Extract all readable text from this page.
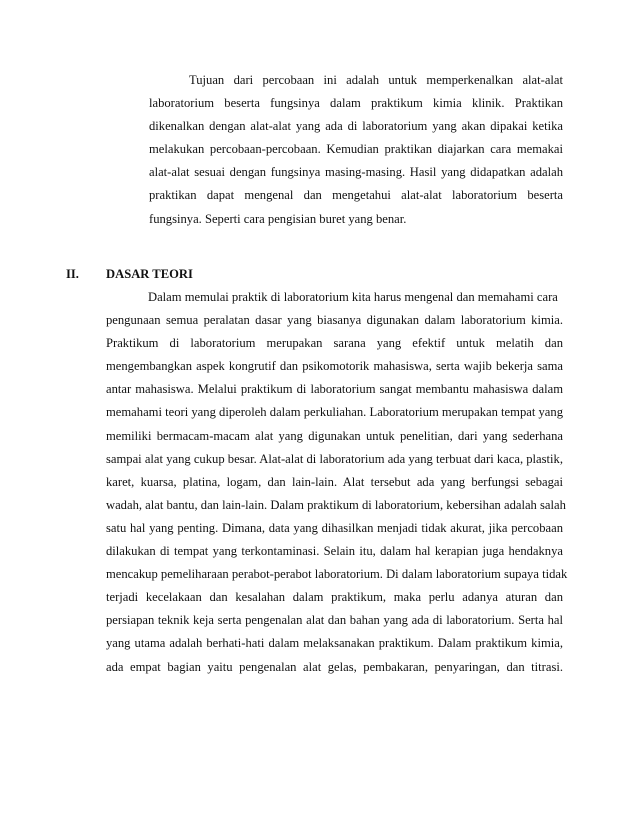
Tujuan dari percobaan ini adalah untuk memperkenalkan alat-alat
laboratorium beserta fungsinya dalam praktikum kimia klinik. Praktikan
dikenalkan dengan alat-alat yang ada di laboratorium yang akan dipakai ketika
melakukan percobaan-percobaan. Kemudian praktikan diajarkan cara memakai
alat-alat sesuai dengan fungsinya masing-masing. Hasil yang didapatkan adalah
praktikan dapat mengenal dan mengetahui alat-alat laboratorium beserta
fungsinya. Seperti cara pengisian buret yang benar.
II. DASAR TEORI
Dalam memulai praktik di laboratorium kita harus mengenal dan memahami cara
pengunaan semua peralatan dasar yang biasanya digunakan dalam laboratorium kimia.
Praktikum di laboratorium merupakan sarana yang efektif untuk melatih dan
mengembangkan aspek kongrutif dan psikomotorik mahasiswa, serta wajib bekerja sama
antar mahasiswa. Melalui praktikum di laboratorium sangat membantu mahasiswa dalam
memahami teori yang diperoleh dalam perkuliahan. Laboratorium merupakan tempat yang
memiliki bermacam-macam alat yang digunakan untuk penelitian, dari yang sederhana
sampai alat yang cukup besar. Alat-alat di laboratorium ada yang terbuat dari kaca, plastik,
karet, kuarsa, platina, logam, dan lain-lain. Alat tersebut ada yang berfungsi sebagai
wadah, alat bantu, dan lain-lain. Dalam praktikum di laboratorium, kebersihan adalah salah
satu hal yang penting. Dimana, data yang dihasilkan menjadi tidak akurat, jika percobaan
dilakukan di tempat yang terkontaminasi. Selain itu, dalam hal kerapian juga hendaknya
mencakup pemeliharaan perabot-perabot laboratorium. Di dalam laboratorium supaya tidak
terjadi kecelakaan dan kesalahan dalam praktikum, maka perlu adanya aturan dan
persiapan teknik keja serta pengenalan alat dan bahan yang ada di laboratorium. Serta hal
yang utama adalah berhati-hati dalam melaksanakan praktikum. Dalam praktikum kimia,
ada empat bagian yaitu pengenalan alat gelas, pembakaran, penyaringan, dan titrasi.
